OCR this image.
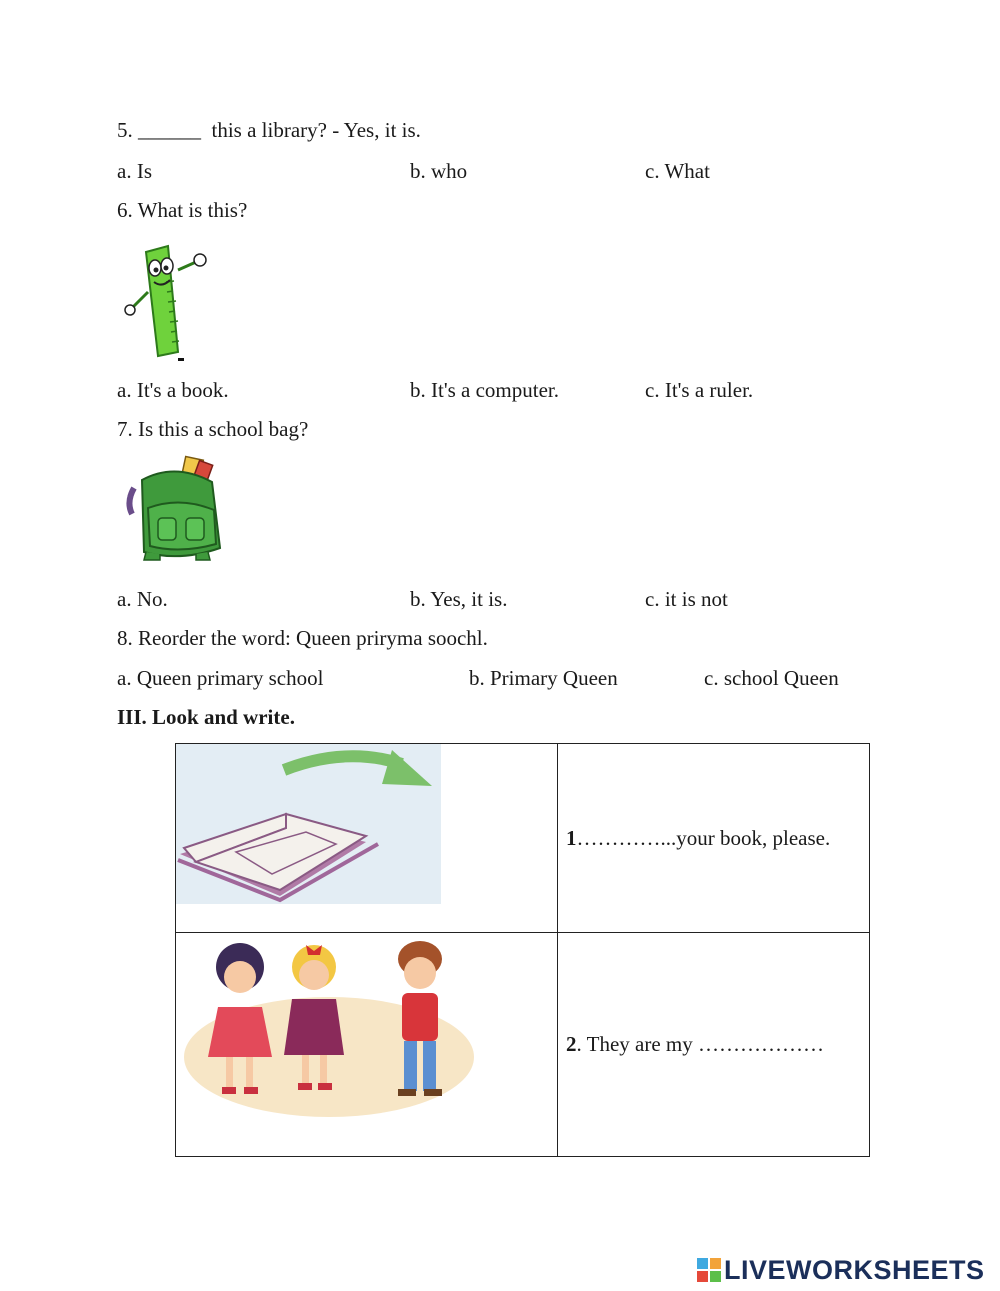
5. ______  this a library? - Yes, it is.
a. Is	b. who	c. What
6. What is this?
a. It's a book.	b. It's a computer.	c. It's a ruler.
7. Is this a school bag?
a. No.	b. Yes, it is.	c. it is not
8. Reorder the word: Queen priryma soochl.
a. Queen primary school	b. Primary Queen	c. school Queen
III. Look and write.

1…………...your book, please.

2. They are my ………………
LIVEWORKSHEETS
